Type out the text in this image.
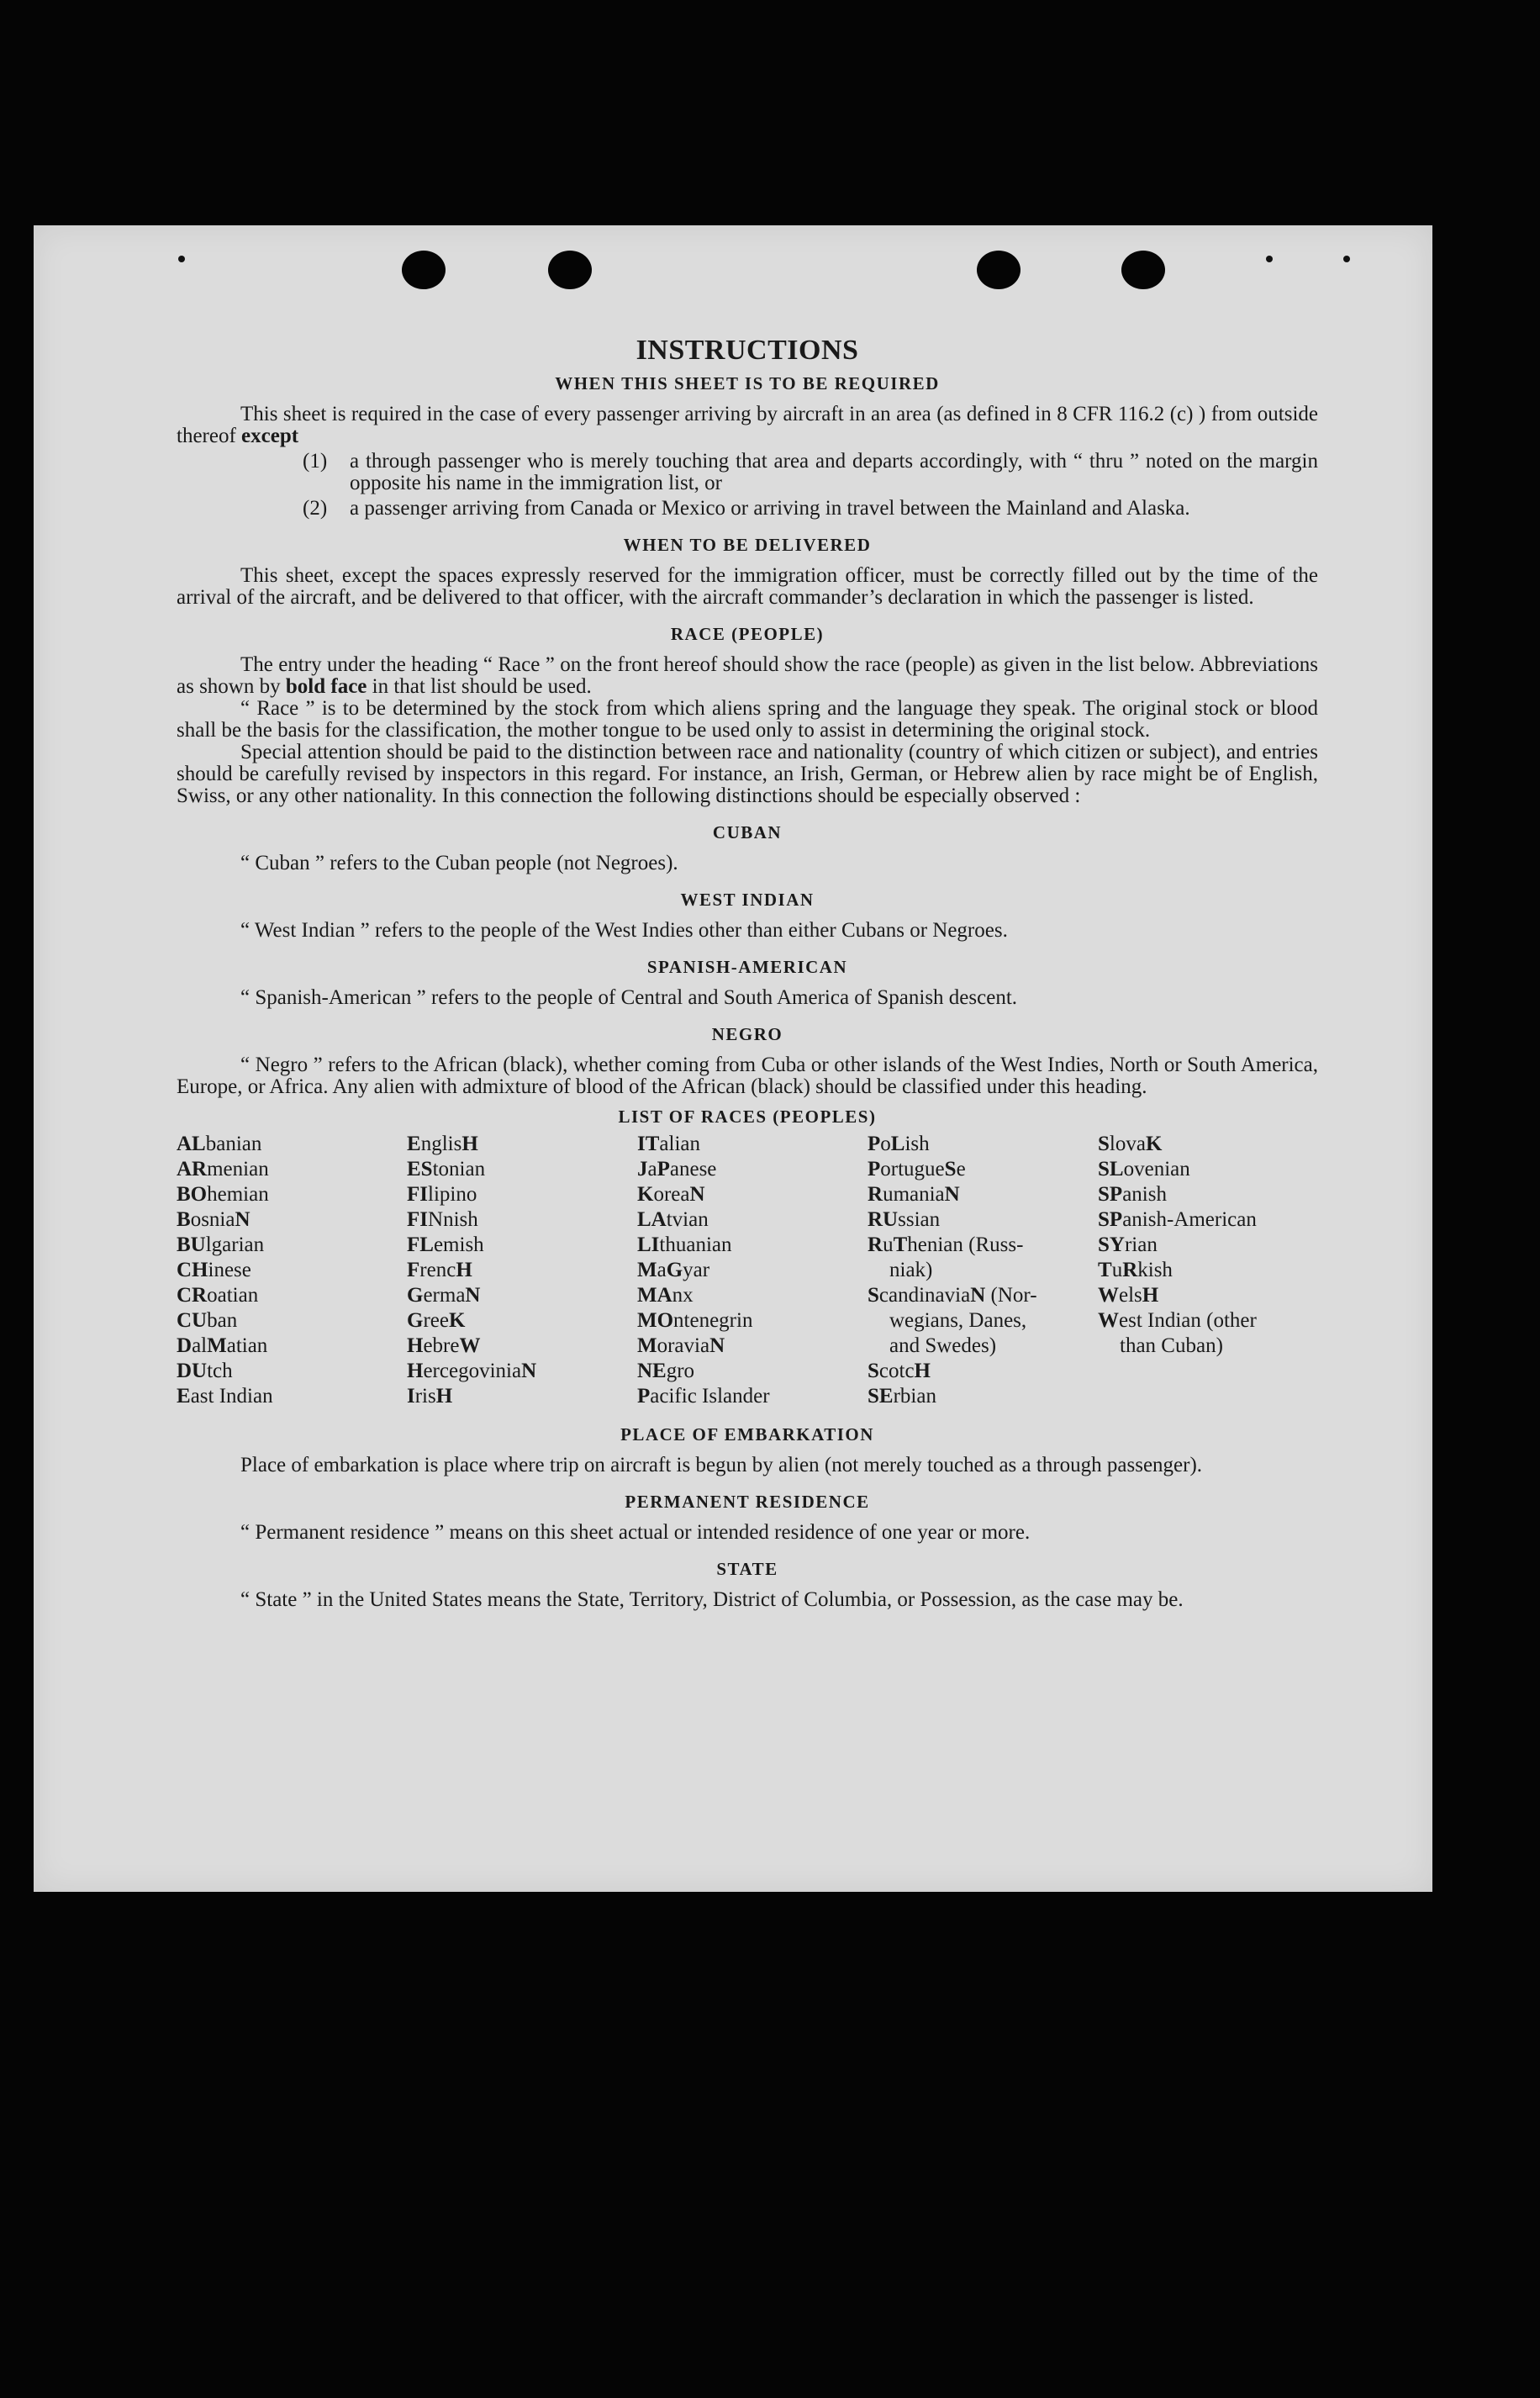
INSTRUCTIONS
WHEN THIS SHEET IS TO BE REQUIRED

This sheet is required in the case of every passenger arriving by aircraft in an area (as defined in 8 CFR 116.2 (c) ) from outside thereof except

(1)	a through passenger who is merely touching that area and departs accordingly, with “ thru ” noted on the margin opposite his name in the immigration list, or
(2)	a passenger arriving from Canada or Mexico or arriving in travel between the Mainland and Alaska.
WHEN TO BE DELIVERED

This sheet, except the spaces expressly reserved for the immigration officer, must be correctly filled out by the time of the arrival of the aircraft, and be delivered to that officer, with the aircraft commander’s declaration in which the passenger is listed.

RACE (PEOPLE)

The entry under the heading “ Race ” on the front hereof should show the race (people) as given in the list below. Abbreviations as shown by bold face in that list should be used.

“ Race ” is to be determined by the stock from which aliens spring and the language they speak. The original stock or blood shall be the basis for the classification, the mother tongue to be used only to assist in determining the original stock.

Special attention should be paid to the distinction between race and nationality (country of which citizen or subject), and entries should be carefully revised by inspectors in this regard. For instance, an Irish, German, or Hebrew alien by race might be of English, Swiss, or any other nationality. In this connection the following distinctions should be especially observed :

CUBAN

“ Cuban ” refers to the Cuban people (not Negroes).

WEST INDIAN

“ West Indian ” refers to the people of the West Indies other than either Cubans or Negroes.

SPANISH-AMERICAN

“ Spanish-American ” refers to the people of Central and South America of Spanish descent.

NEGRO

“ Negro ” refers to the African (black), whether coming from Cuba or other islands of the West Indies, North or South America, Europe, or Africa. Any alien with admixture of blood of the African (black) should be classified under this heading.

LIST OF RACES (PEOPLES)
ALbanian
ARmenian
BOhemian
BosniaN
BUlgarian
CHinese
CRoatian
CUban
DalMatian
DUtch
East Indian
EnglisH
EStonian
FIlipino
FINnish
FLemish
FrencH
GermaN
GreeK
HebreW
HercegoviniaN
IrisH
ITalian
JaPanese
KoreaN
LAtvian
LIthuanian
MaGyar
MAnx
MOntenegrin
MoraviaN
NEgro
Pacific Islander
PoLish
PortugueSe
RumaniaN
RUssian
RuThenian (Russ-
niak)
ScandinaviaN (Nor-
wegians, Danes,
and Swedes)
ScotcH
SErbian
SlovaK
SLovenian
SPanish
SPanish-American
SYrian
TuRkish
WelsH
West Indian (other
than Cuban)
PLACE OF EMBARKATION

Place of embarkation is place where trip on aircraft is begun by alien (not merely touched as a through passenger).

PERMANENT RESIDENCE

“ Permanent residence ” means on this sheet actual or intended residence of one year or more.

STATE

“ State ” in the United States means the State, Territory, District of Columbia, or Possession, as the case may be.
